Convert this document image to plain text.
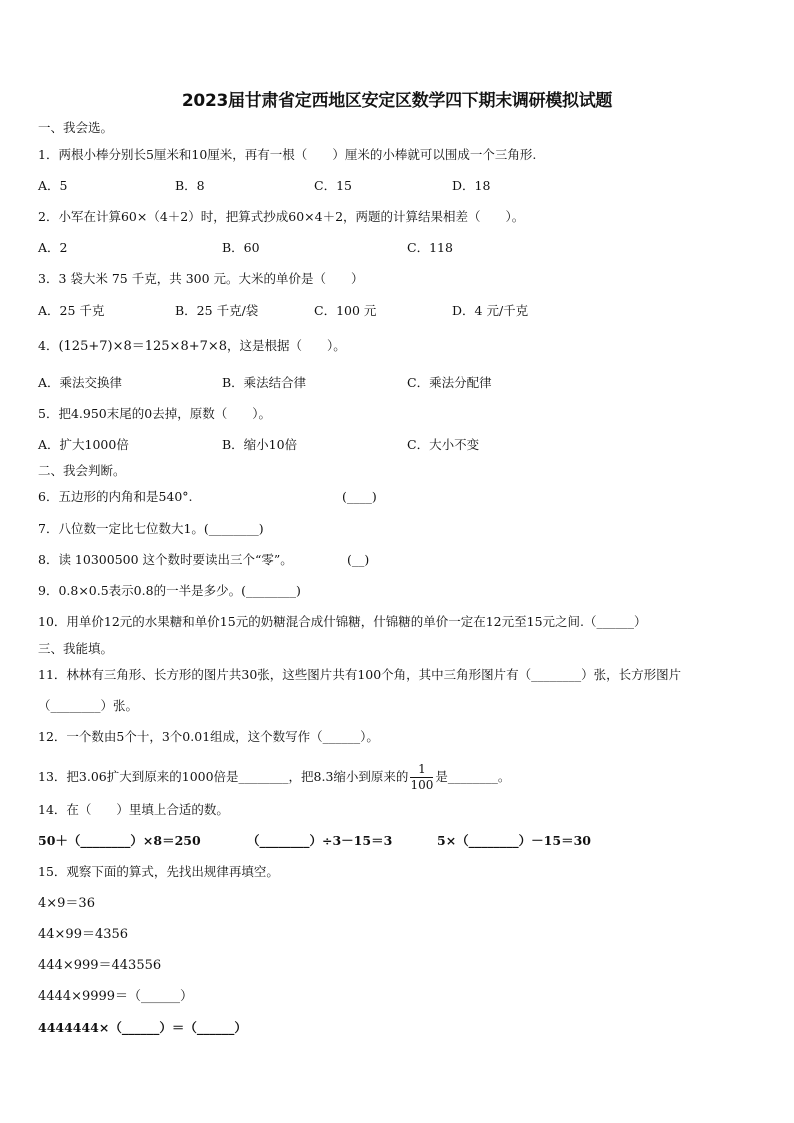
2023届甘肃省定西地区安定区数学四下期末调研模拟试题
一、我会选。
1．两根小棒分别长5厘米和10厘米，再有一根（　　）厘米的小棒就可以围成一个三角形.
A．5	B．8	C．15	D．18
2．小军在计算60×（4＋2）时，把算式抄成60×4＋2，两题的计算结果相差（　　）。
A．2	B．60	C．118
3．3 袋大米 75 千克，共 300 元。大米的单价是（　　）
A．25 千克	B．25 千克/袋	C．100 元	D．4 元/千克
4．(125+7)×8＝125×8+7×8，这是根据（　　）。
A．乘法交换律	B．乘法结合律	C．乘法分配律
5．把4.950末尾的0去掉，原数（　　）。
A．扩大1000倍	B．缩小10倍	C．大小不变
二、我会判断。
6．五边形的内角和是540°.	(____)
7．八位数一定比七位数大1。(________)
8．读 10300500 这个数时要读出三个“零”。	(__)
9．0.8×0.5表示0.8的一半是多少。(________)
10．用单价12元的水果糖和单价15元的奶糖混合成什锦糖，什锦糖的单价一定在12元至15元之间.（______）
三、我能填。
11．林林有三角形、长方形的图片共30张，这些图片共有100个角，其中三角形图片有（________）张，长方形图片
（________）张。
12．一个数由5个十，3个0.01组成，这个数写作（______）。
13．把3.06扩大到原来的1000倍是________，把8.3缩小到原来的 $\frac{1}{100}$ 是________。
14．在（　　）里填上合适的数。
50＋（________）×8＝250	（________）÷3－15＝3	5×（________）－15＝30
15．观察下面的算式，先找出规律再填空。
4×9＝36
44×99＝4356
444×999＝443556
4444×9999＝（______）
4444444×（______）＝（______）
